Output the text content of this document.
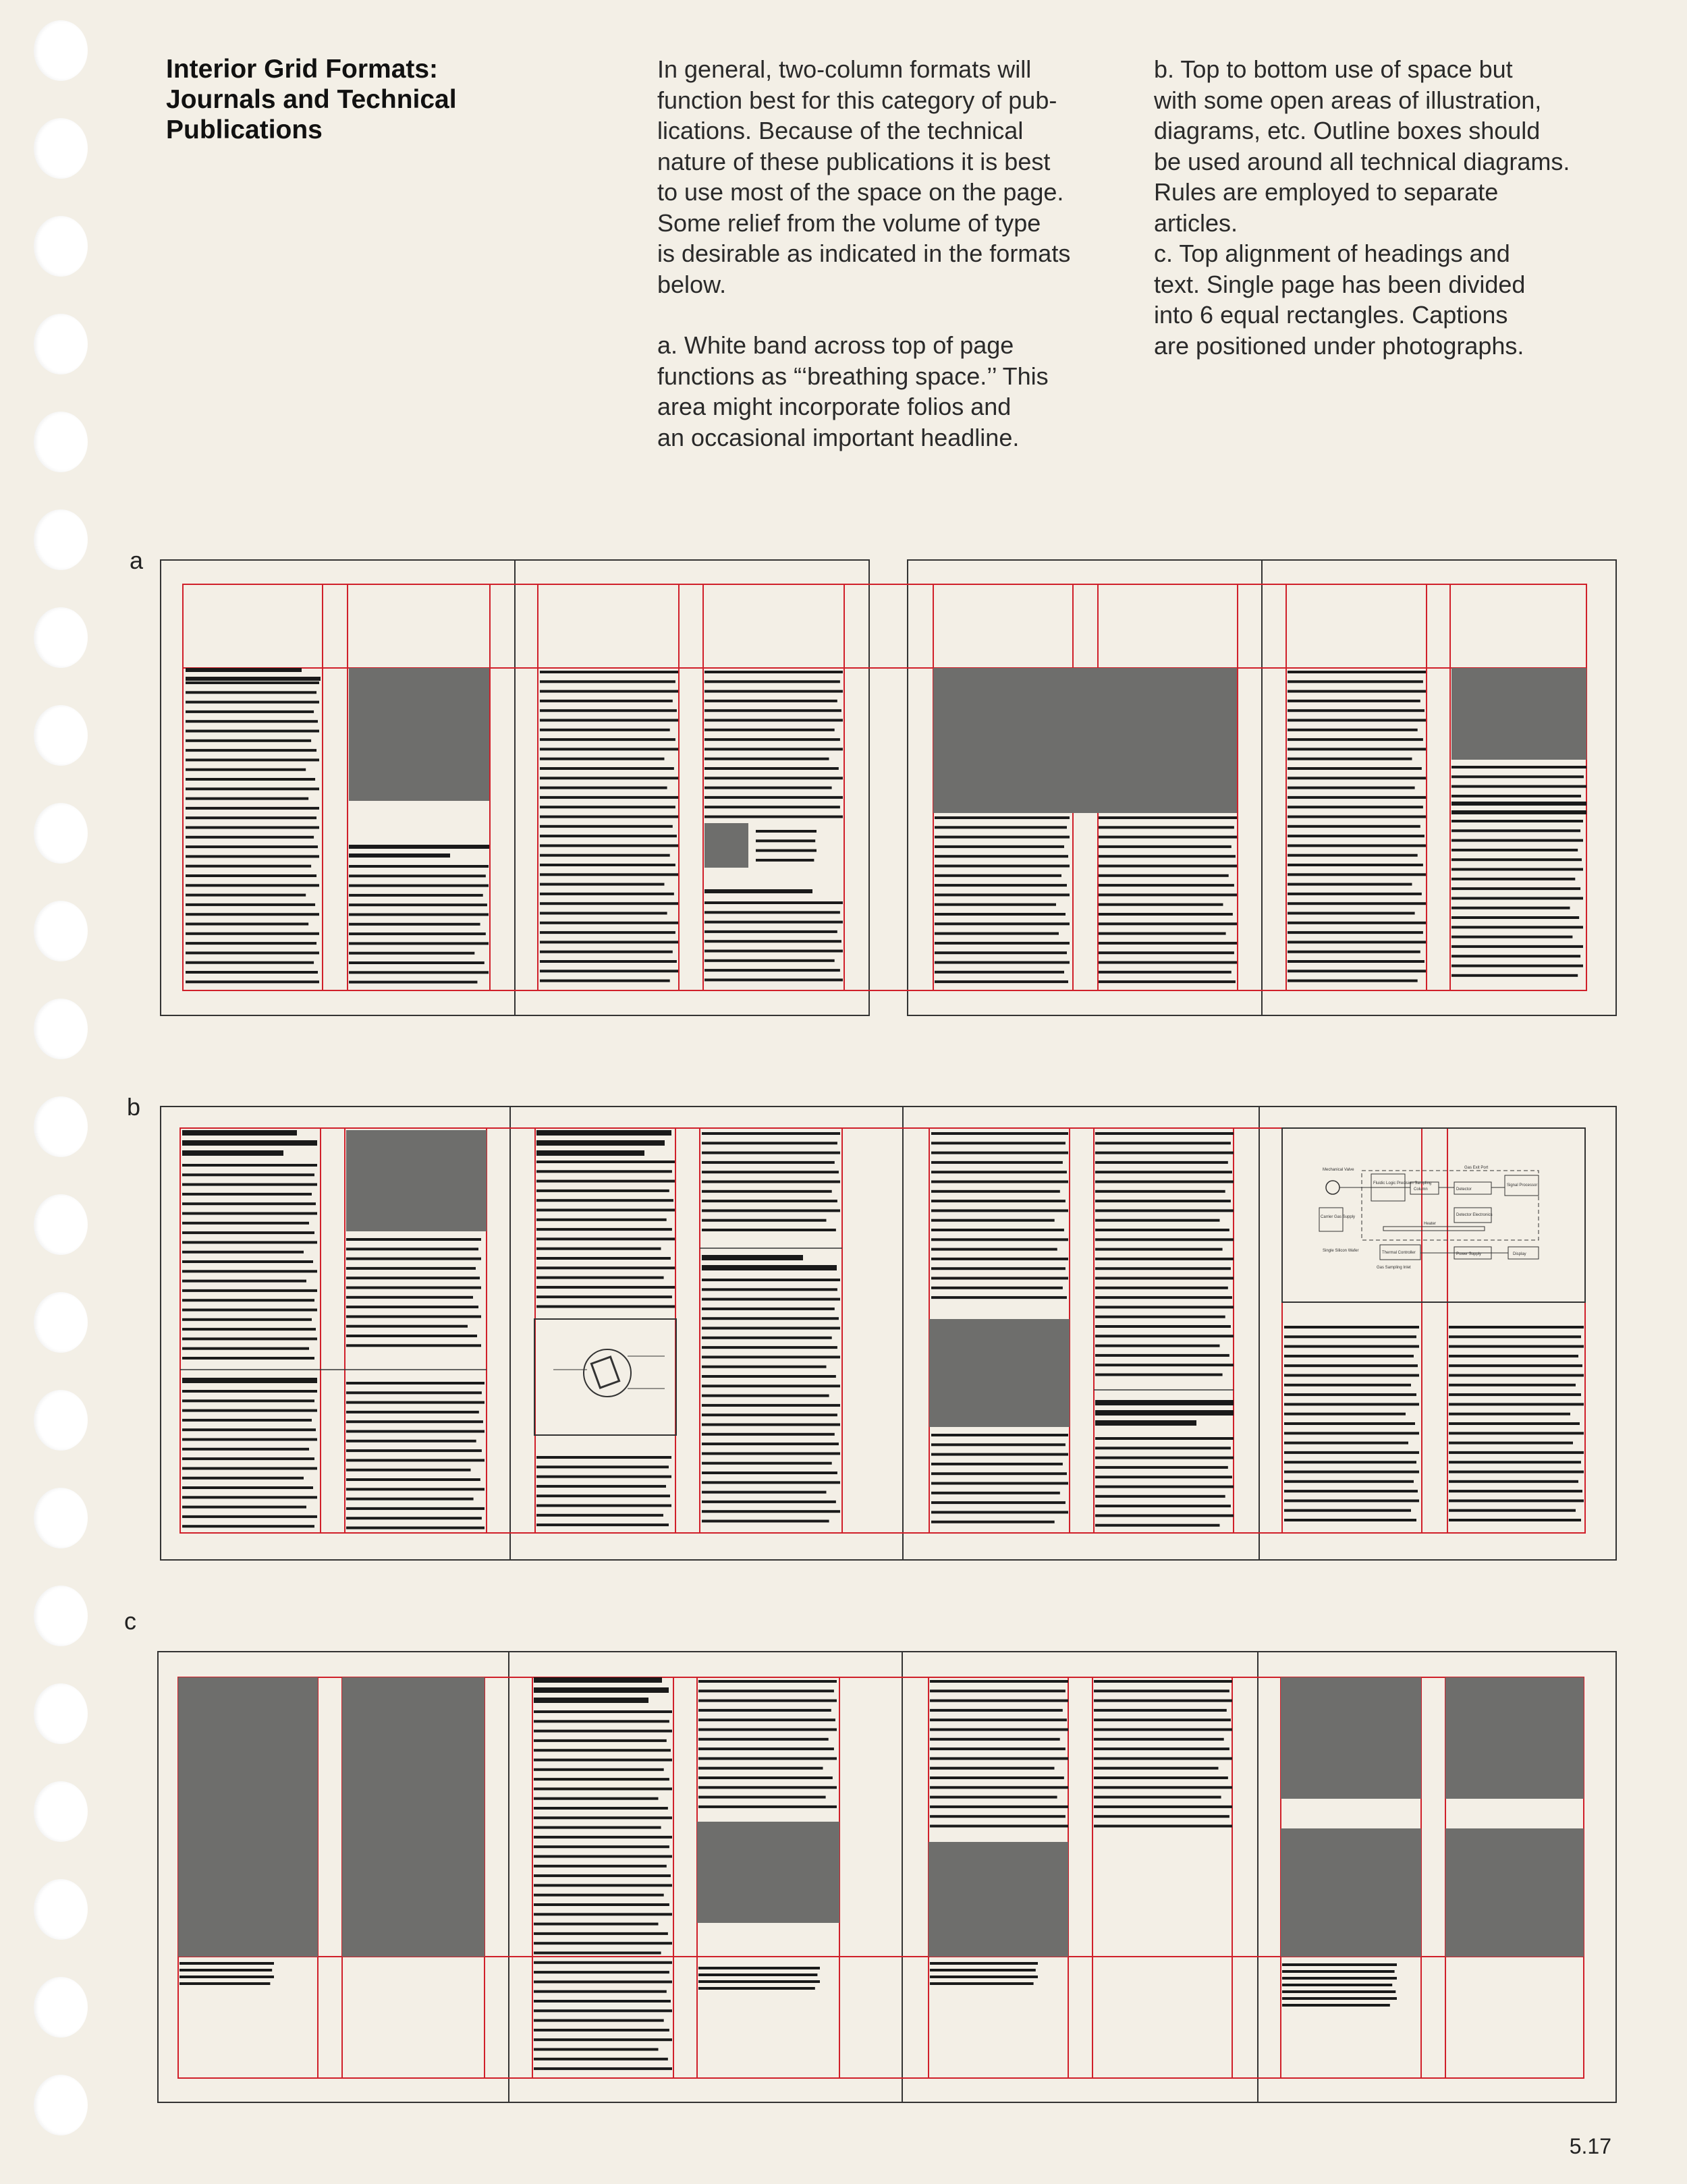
Interior Grid Formats:
Journals and Technical
Publications

In general, two-column formats will

function best for this category of pub-

lications. Because of the technical

nature of these publications it is best

to use most of the space on the page.

Some relief from the volume of type

is desirable as indicated in the formats

below.

a. White band across top of page

functions as “‘breathing space.’’ This

area might incorporate folios and

an occasional important headline.

b. Top to bottom use of space but

with some open areas of illustration,

diagrams, etc. Outline boxes should

be used around all technical diagrams.

Rules are employed to separate

articles.

c. Top alignment of headings and

text. Single page has been divided

into 6 equal rectangles. Captions

are positioned under photographs.

a
b
c
Mechanical Valve
Fluidic Logic Precision Sampling
Column	Detector
Signal Processor
Gas Exit Port
Carrier Gas Supply	Detector Electronics
Heater
Thermal Controller	Power Supply	Display
Single Silicon Wafer
Gas Sampling Inlet
5.17
